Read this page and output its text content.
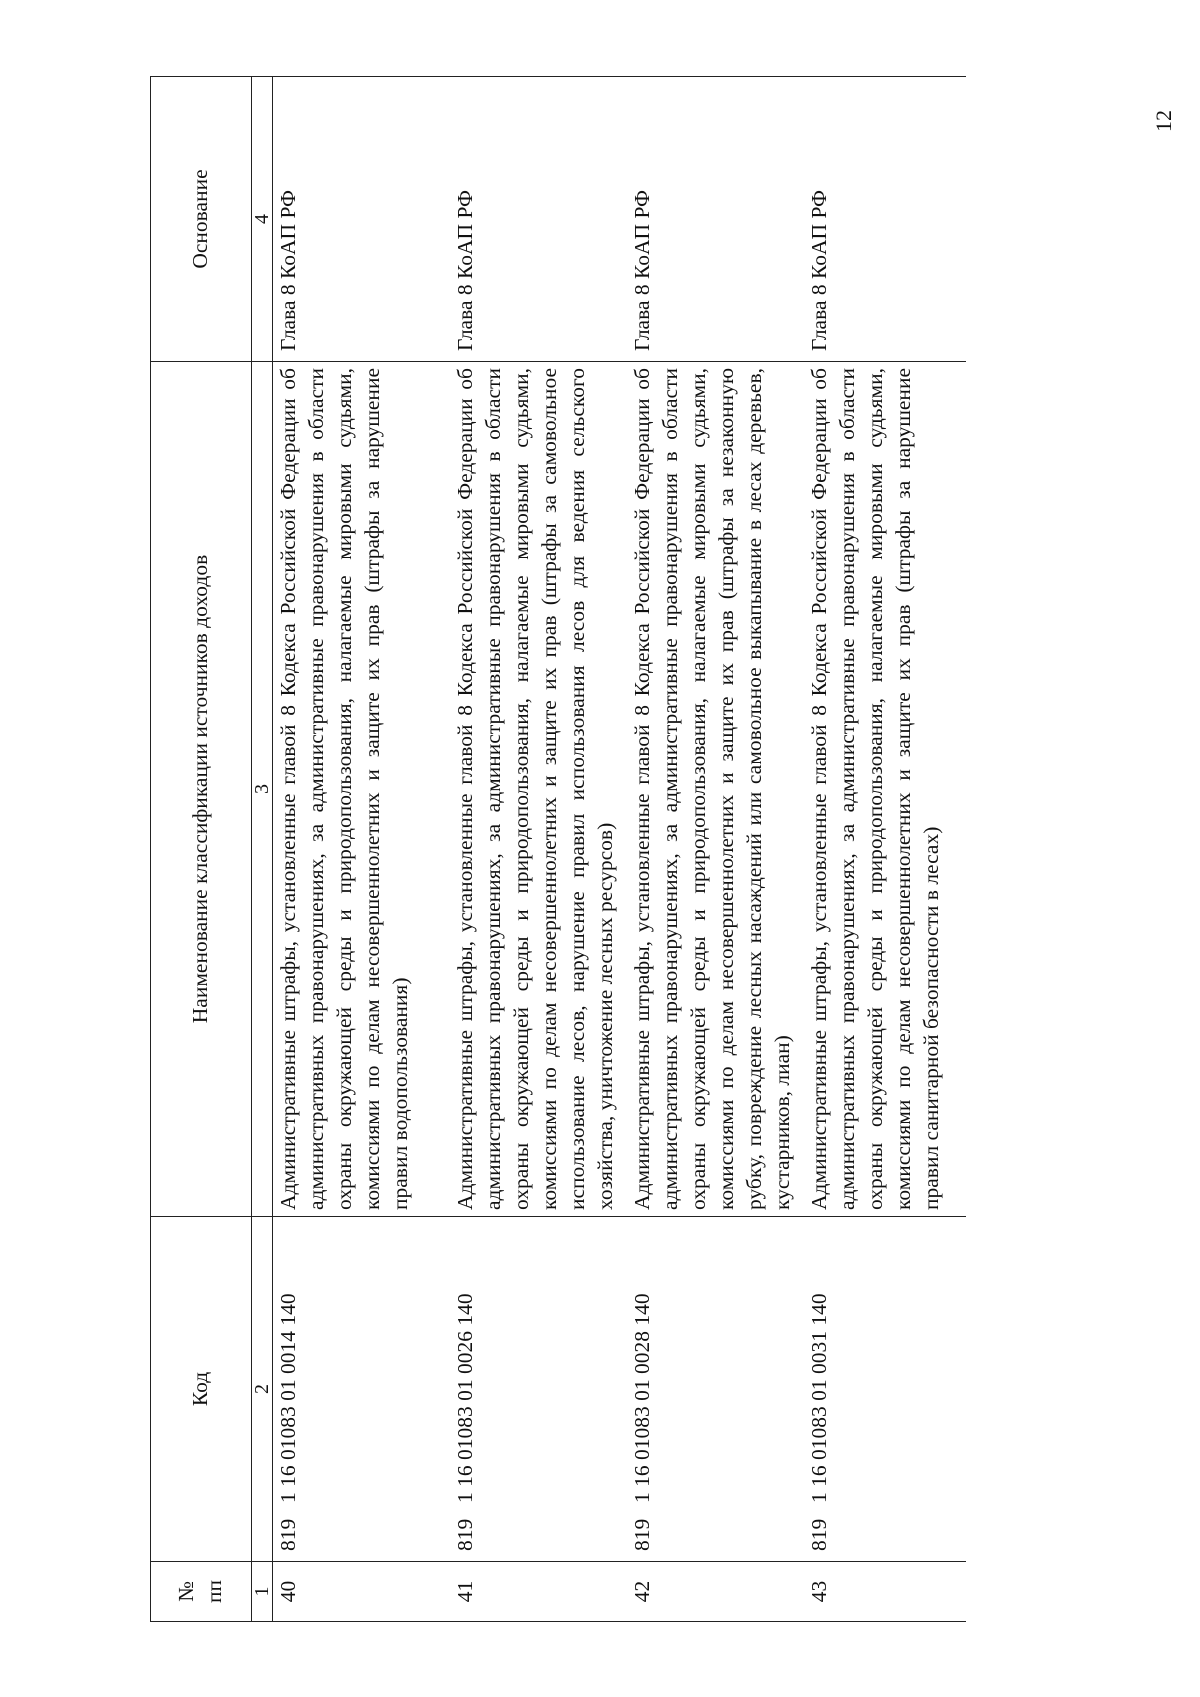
12
№ пп	Код	Наименование классификации источников доходов	Основание
1	2	3	4
40	8191 16 01083 01 0014 140	Административные штрафы, установленные главой 8 Кодекса Российской Федерации об административных правонарушениях, за административные правонарушения в области охраны окружающей среды и природопользования, налагаемые мировыми судьями, комиссиями по делам несовершеннолетних и защите их прав (штрафы за нарушение правил водопользования)	Глава 8 КоАП РФ
41	8191 16 01083 01 0026 140	Административные штрафы, установленные главой 8 Кодекса Российской Федерации об административных правонарушениях, за административные правонарушения в области охраны окружающей среды и природопользования, налагаемые мировыми судьями, комиссиями по делам несовершеннолетних и защите их прав (штрафы за самовольное использование лесов, нарушение правил использования лесов для ведения сельского хозяйства, уничтожение лесных ресурсов)	Глава 8 КоАП РФ
42	8191 16 01083 01 0028 140	Административные штрафы, установленные главой 8 Кодекса Российской Федерации об административных правонарушениях, за административные правонарушения в области охраны окружающей среды и природопользования, налагаемые мировыми судьями, комиссиями по делам несовершеннолетних и защите их прав (штрафы за незаконную рубку, повреждение лесных насаждений или самовольное выкапывание в лесах деревьев, кустарников, лиан)	Глава 8 КоАП РФ
43	8191 16 01083 01 0031 140	Административные штрафы, установленные главой 8 Кодекса Российской Федерации об административных правонарушениях, за административные правонарушения в области охраны окружающей среды и природопользования, налагаемые мировыми судьями, комиссиями по делам несовершеннолетних и защите их прав (штрафы за нарушение правил санитарной безопасности в лесах)	Глава 8 КоАП РФ
